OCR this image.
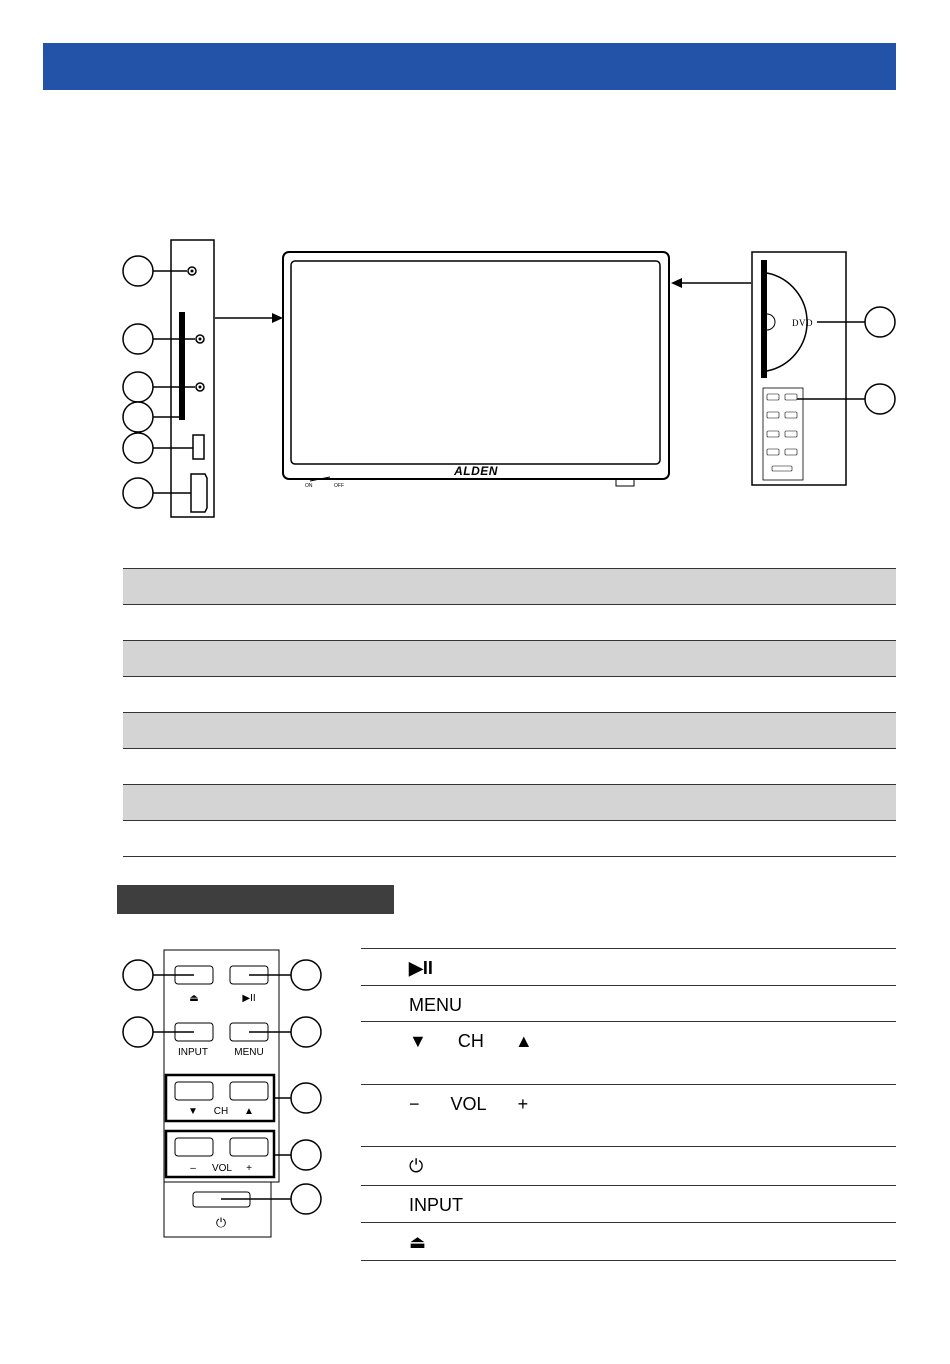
ALDEN
ON	OFF
DVD

⏏	▶II
INPUT	MENU
▼ CH ▲
– VOL +
⏻
▶II
MENU
▼ CH ▲
− VOL +
⏻
INPUT
⏏
